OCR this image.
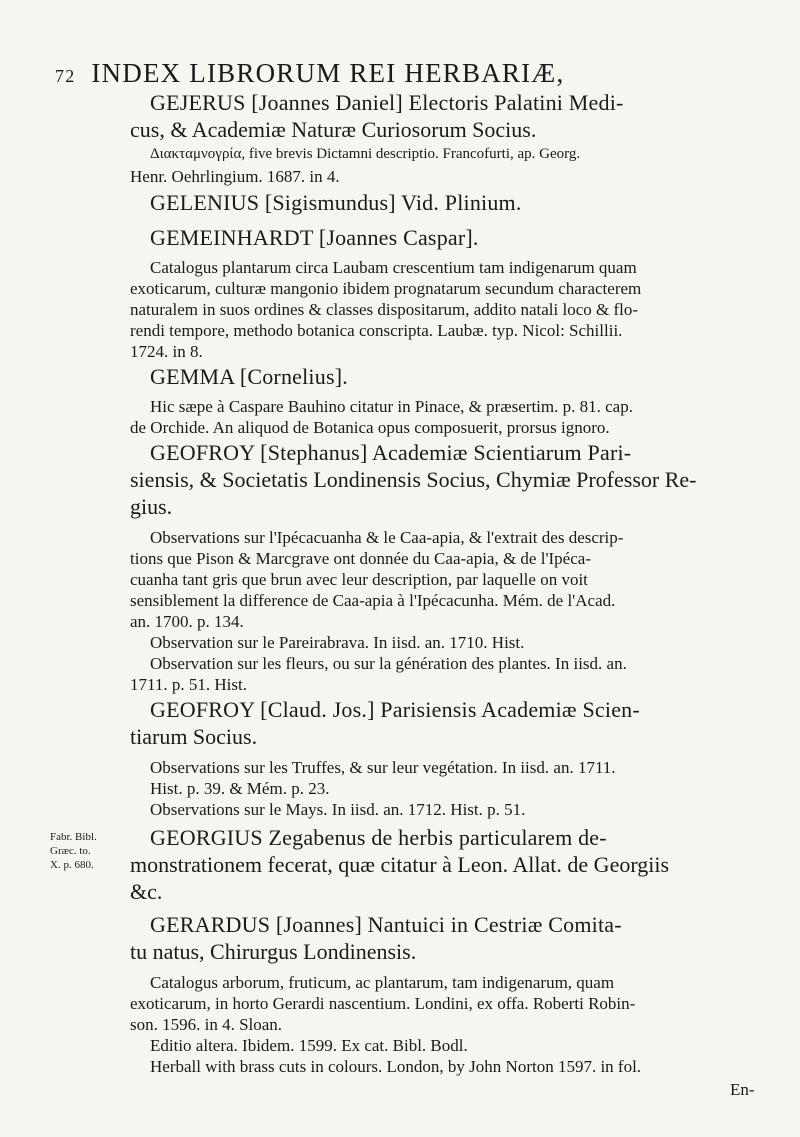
72 INDEX LIBRORUM REI HERBARIÆ,
GEJERUS [Joannes Daniel] Electoris Palatini Medi-
cus, & Academiæ Naturæ Curiosorum Socius.
Διακταμνογρία, five brevis Dictamni descriptio. Francofurti, ap. Georg.
Henr. Oehrlingium. 1687. in 4.
GELENIUS [Sigismundus] Vid. Plinium.
GEMEINHARDT [Joannes Caspar].
Catalogus plantarum circa Laubam crescentium tam indigenarum quam
exoticarum, culturæ mangonio ibidem prognatarum secundum characterem
naturalem in suos ordines & classes dispositarum, addito natali loco & flo-
rendi tempore, methodo botanica conscripta. Laubæ. typ. Nicol: Schillii.
1724. in 8.
GEMMA [Cornelius].
Hic sæpe à Caspare Bauhino citatur in Pinace, & præsertim. p. 81. cap.
de Orchide. An aliquod de Botanica opus composuerit, prorsus ignoro.
GEOFROY [Stephanus] Academiæ Scientiarum Pari-
siensis, & Societatis Londinensis Socius, Chymiæ Professor Re-
gius.
Observations sur l'Ipécacuanha & le Caa-apia, & l'extrait des descrip-
tions que Pison & Marcgrave ont donnée du Caa-apia, & de l'Ipéca-
cuanha tant gris que brun avec leur description, par laquelle on voit
sensiblement la difference de Caa-apia à l'Ipécacunha. Mém. de l'Acad.
an. 1700. p. 134.
Observation sur le Pareirabrava. In iisd. an. 1710. Hist.
Observation sur les fleurs, ou sur la génération des plantes. In iisd. an.
1711. p. 51. Hist.
GEOFROY [Claud. Jos.] Parisiensis Academiæ Scien-
tiarum Socius.
Observations sur les Truffes, & sur leur vegétation. In iisd. an. 1711.
Hist. p. 39. & Mém. p. 23.
Observations sur le Mays. In iisd. an. 1712. Hist. p. 51.
GEORGIUS Zegabenus de herbis particularem de-
monstrationem fecerat, quæ citatur à Leon. Allat. de Georgiis
&c.
GERARDUS [Joannes] Nantuici in Cestriæ Comita-
tu natus, Chirurgus Londinensis.
Catalogus arborum, fruticum, ac plantarum, tam indigenarum, quam
exoticarum, in horto Gerardi nascentium. Londini, ex offa. Roberti Robin-
son. 1596. in 4. Sloan.
Editio altera. Ibidem. 1599. Ex cat. Bibl. Bodl.
Herball with brass cuts in colours. London, by John Norton 1597. in fol.
En-
Fabr. Bibl.
Græc. to.
X. p. 680.
